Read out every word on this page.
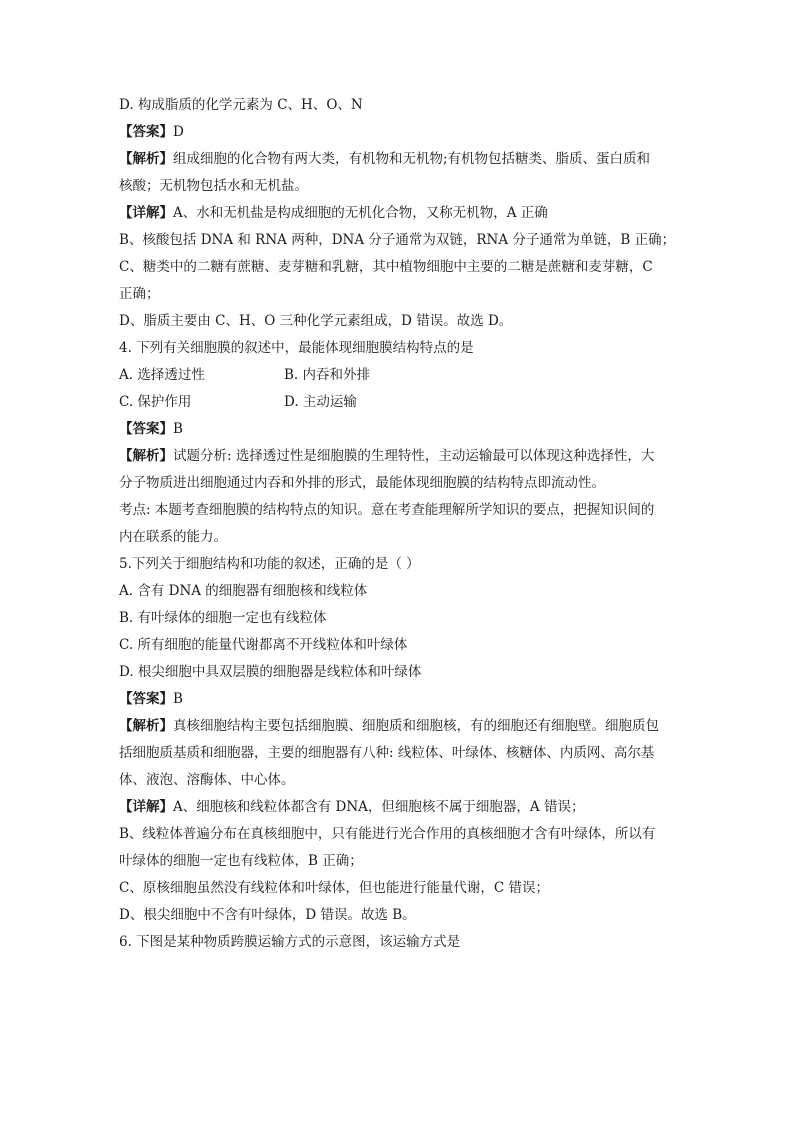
D. 构成脂质的化学元素为 C、H、O、N
【答案】D
【解析】组成细胞的化合物有两大类，有机物和无机物;有机物包括糖类、脂质、蛋白质和
核酸；无机物包括水和无机盐。
【详解】A、水和无机盐是构成细胞的无机化合物，又称无机物，A 正确
B、核酸包括 DNA 和 RNA 两种，DNA 分子通常为双链，RNA 分子通常为单链，B 正确；
C、糖类中的二糖有蔗糖、麦芽糖和乳糖，其中植物细胞中主要的二糖是蔗糖和麦芽糖，C
正确；
D、脂质主要由 C、H、O 三种化学元素组成，D 错误。故选 D。
4. 下列有关细胞膜的叙述中，最能体现细胞膜结构特点的是
A. 选择透过性	B. 内吞和外排
C. 保护作用	D. 主动运输
【答案】B
【解析】试题分析: 选择透过性是细胞膜的生理特性，主动运输最可以体现这种选择性，大
分子物质进出细胞通过内吞和外排的形式，最能体现细胞膜的结构特点即流动性。
考点: 本题考查细胞膜的结构特点的知识。意在考查能理解所学知识的要点，把握知识间的
内在联系的能力。
5.下列关于细胞结构和功能的叙述，正确的是（ ）
A. 含有 DNA 的细胞器有细胞核和线粒体
B. 有叶绿体的细胞一定也有线粒体
C. 所有细胞的能量代谢都离不开线粒体和叶绿体
D. 根尖细胞中具双层膜的细胞器是线粒体和叶绿体
【答案】B
【解析】真核细胞结构主要包括细胞膜、细胞质和细胞核，有的细胞还有细胞壁。细胞质包
括细胞质基质和细胞器，主要的细胞器有八种: 线粒体、叶绿体、核糖体、内质网、高尔基
体、液泡、溶酶体、中心体。
【详解】A、细胞核和线粒体都含有 DNA，但细胞核不属于细胞器，A 错误；
B、线粒体普遍分布在真核细胞中，只有能进行光合作用的真核细胞才含有叶绿体，所以有
叶绿体的细胞一定也有线粒体，B 正确；
C、原核细胞虽然没有线粒体和叶绿体，但也能进行能量代谢，C 错误；
D、根尖细胞中不含有叶绿体，D 错误。故选 B。
6. 下图是某种物质跨膜运输方式的示意图，该运输方式是
